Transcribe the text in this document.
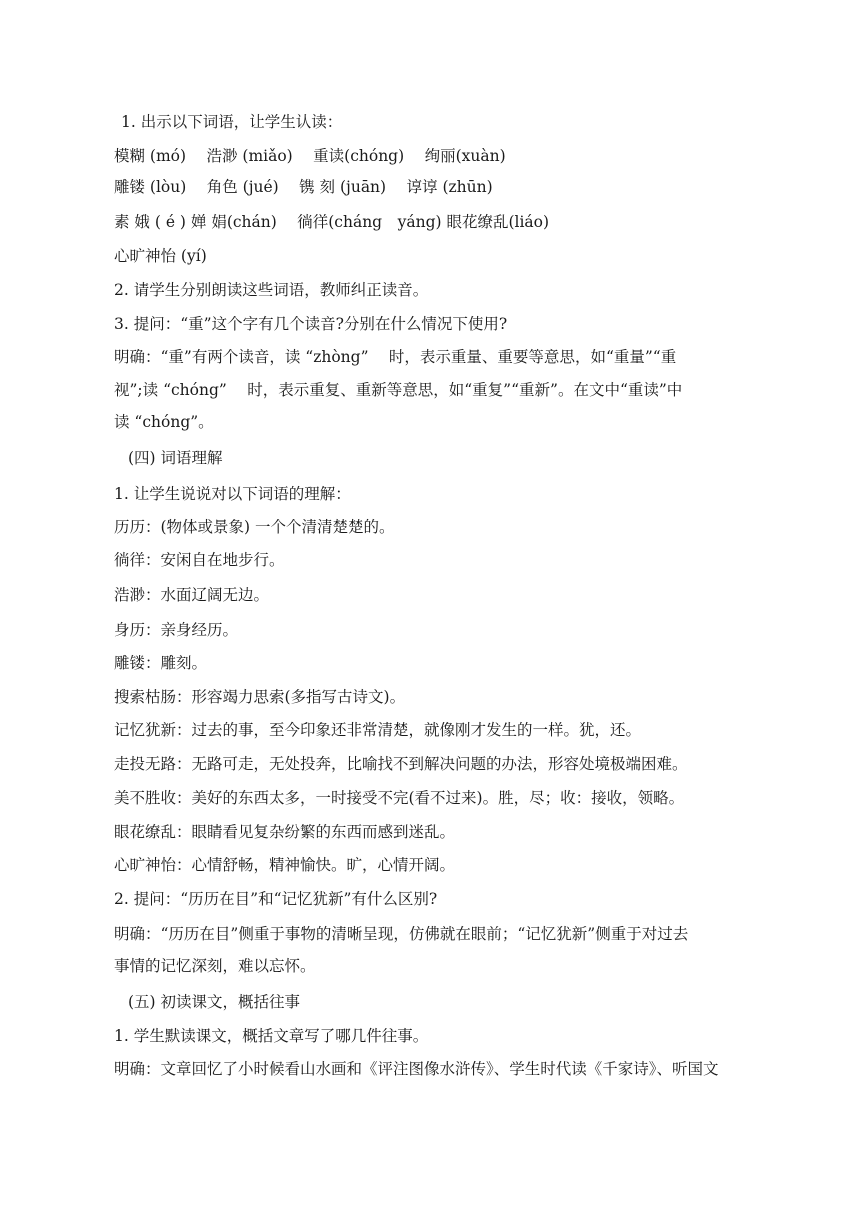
1. 出示以下词语，让学生认读：
模糊 (mó)　 浩渺 (miǎo)　 重读(chóng)　 绚丽(xuàn)
雕镂 (lòu)　 角色 (jué)　 镌 刻 (juān)　 谆谆 (zhūn)
素 娥 ( é ) 婵 娟(chán)　 徜徉(cháng　yáng) 眼花缭乱(liáo)
心旷神怡 (yí)
2. 请学生分别朗读这些词语，教师纠正读音。
3. 提问：“重”这个字有几个读音?分别在什么情况下使用?
明确：“重”有两个读音，读 “zhòng”　 时，表示重量、重要等意思，如“重量”“重
视”;读 “chóng”　 时，表示重复、重新等意思，如“重复”“重新”。在文中“重读”中
读 “chóng”。
(四) 词语理解
1. 让学生说说对以下词语的理解：
历历：(物体或景象) 一个个清清楚楚的。
徜徉：安闲自在地步行。
浩渺：水面辽阔无边。
身历：亲身经历。
雕镂：雕刻。
搜索枯肠：形容竭力思索(多指写古诗文)。
记忆犹新：过去的事，至今印象还非常清楚，就像刚才发生的一样。犹，还。
走投无路：无路可走，无处投奔，比喻找不到解决问题的办法，形容处境极端困难。
美不胜收：美好的东西太多，一时接受不完(看不过来)。胜，尽；收：接收，领略。
眼花缭乱：眼睛看见复杂纷繁的东西而感到迷乱。
心旷神怡：心情舒畅，精神愉快。旷，心情开阔。
2. 提问：“历历在目”和“记忆犹新”有什么区别?
明确：“历历在目”侧重于事物的清晰呈现，仿佛就在眼前；“记忆犹新”侧重于对过去
事情的记忆深刻，难以忘怀。
(五) 初读课文，概括往事
1. 学生默读课文，概括文章写了哪几件往事。
明确：文章回忆了小时候看山水画和《评注图像水浒传》、学生时代读《千家诗》、听国文
